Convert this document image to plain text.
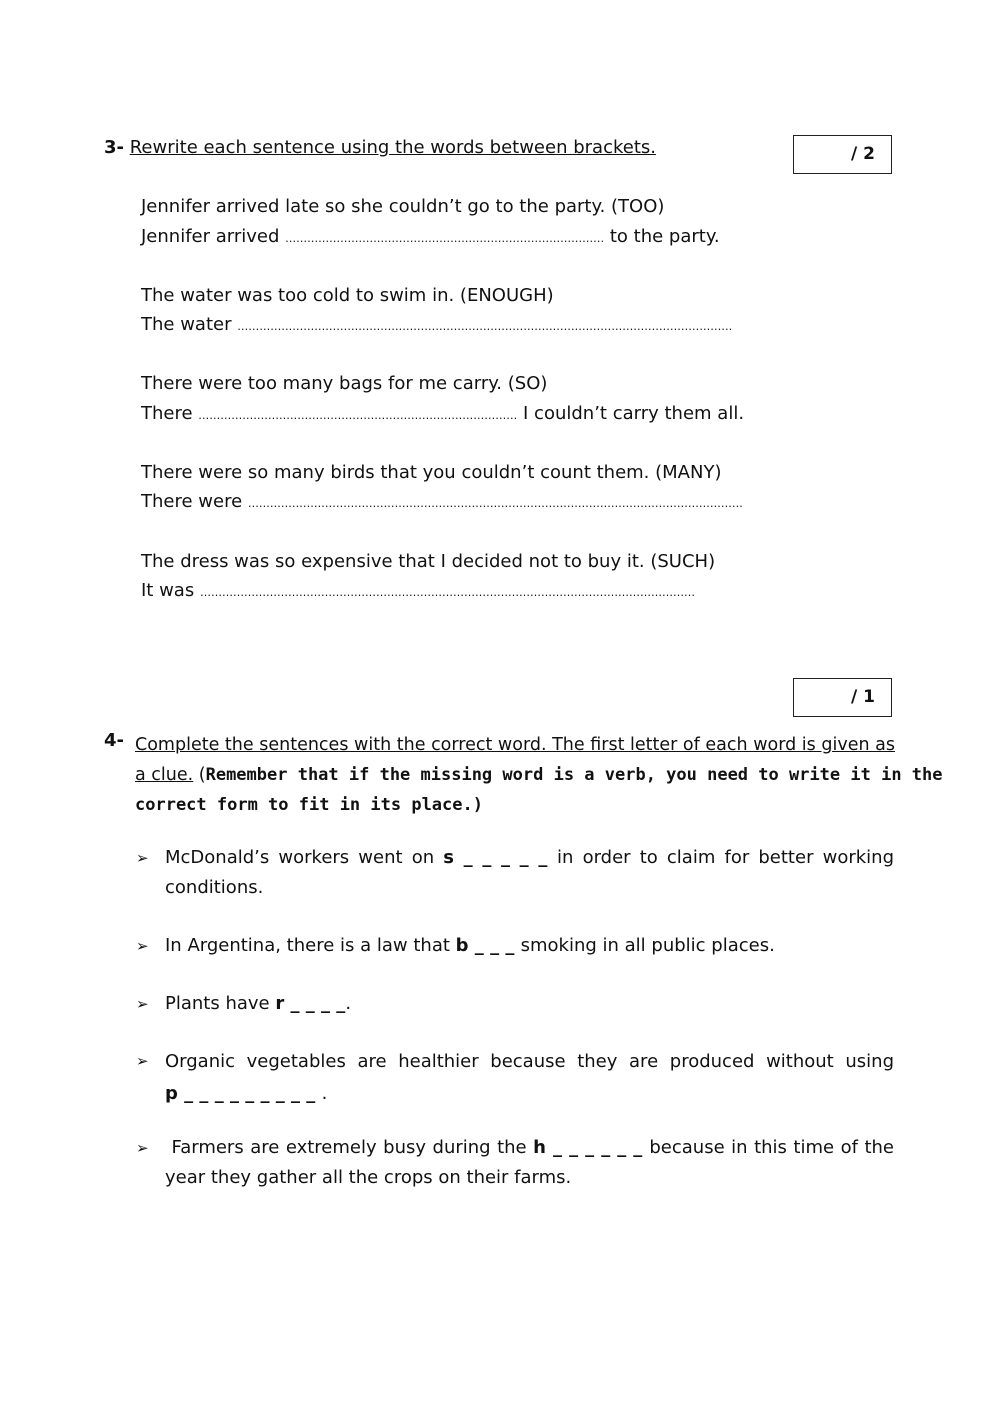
3- Rewrite each sentence using the words between brackets.	/ 2
Jennifer arrived late so she couldn’t go to the party. (TOO)
Jennifer arrived …………………………………………………………………………… to the party.
The water was too cold to swim in. (ENOUGH)
The water ………………………………………………………………………………………………………………………
There were too many bags for me carry. (SO)
There …………………………………………………………………………… I couldn’t carry them all.
There were so many birds that you couldn’t count them. (MANY)
There were ………………………………………………………………………………………………………………………
The dress was so expensive that I decided not to buy it. (SUCH)
It was ………………………………………………………………………………………………………………………
/ 1
4- Complete the sentences with the correct word. The first letter of each word is given as
a clue. (Remember that if the missing word is a verb, you need to write it in the
correct form to fit in its place.)
➢ McDonald’s workers went on s _ _ _ _ _ in order to claim for better working
conditions.
➢ In Argentina, there is a law that b _ _ _ smoking in all public places.
➢ Plants have r _ _ _ _.
➢ Organic vegetables are healthier because they are produced without using
p _ _ _ _ _ _ _ _ _ .
➢ Farmers are extremely busy during the h _ _ _ _ _ _ because in this time of the
year they gather all the crops on their farms.
